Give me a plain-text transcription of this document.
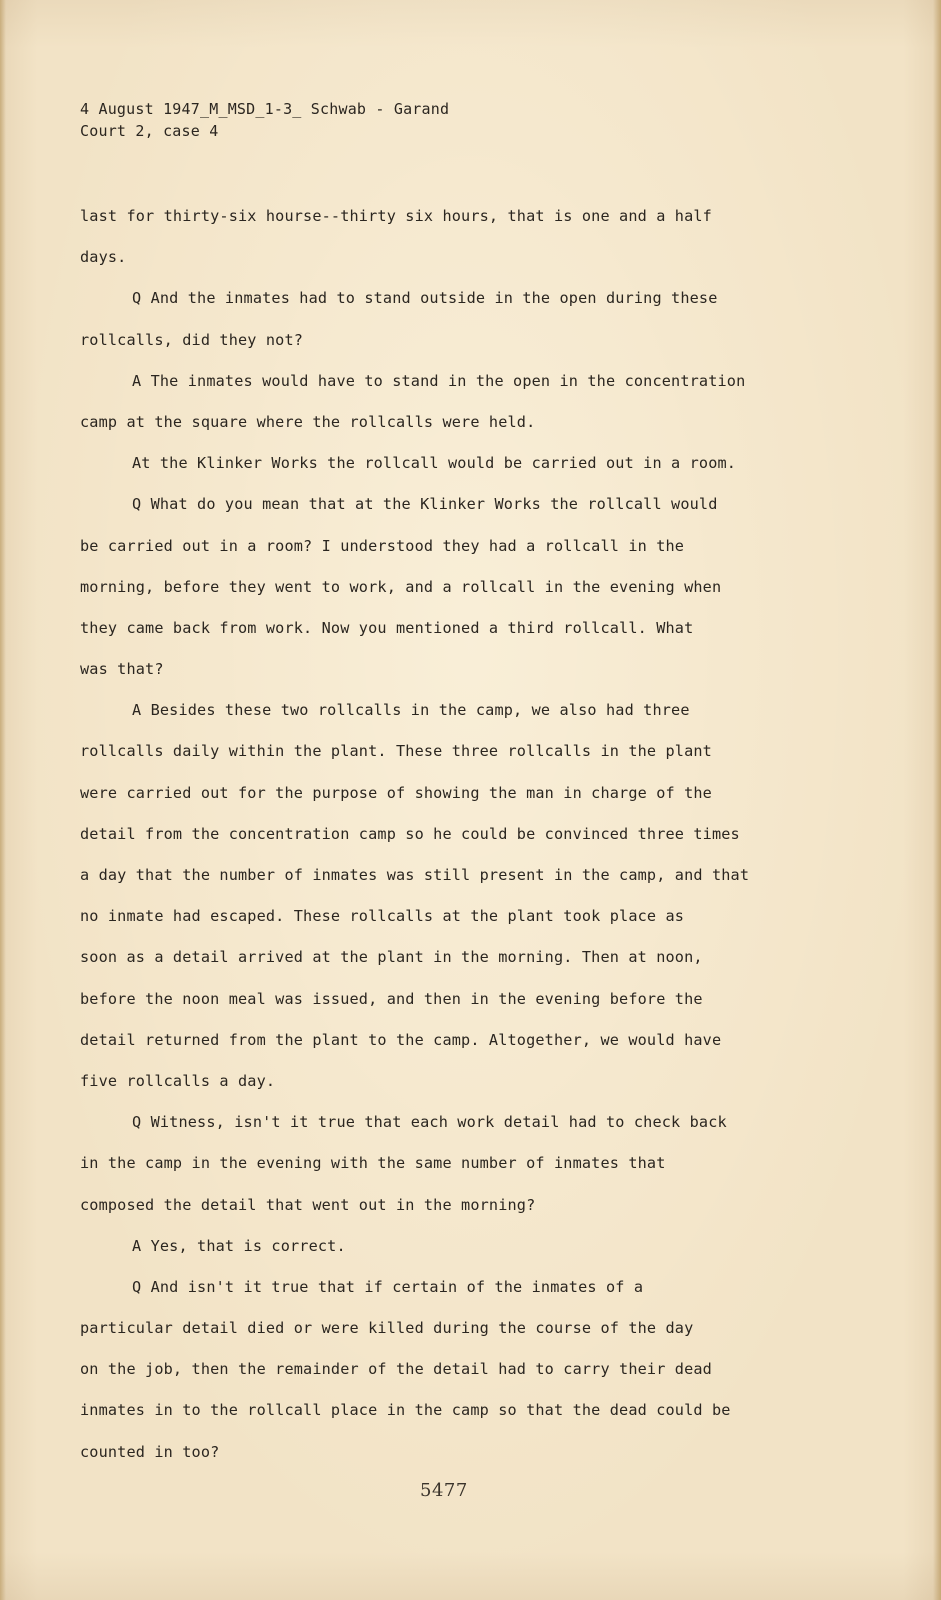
4 August 1947_M_MSD_1-3_ Schwab - Garand
Court 2, case 4
last for thirty-six hourse--thirty six hours, that is one and a half
days.
Q And the inmates had to stand outside in the open during these
rollcalls, did they not?
A The inmates would have to stand in the open in the concentration
camp at the square where the rollcalls were held.
At the Klinker Works the rollcall would be carried out in a room.
Q What do you mean that at the Klinker Works the rollcall would
be carried out in a room? I understood they had a rollcall in the
morning, before they went to work, and a rollcall in the evening when
they came back from work. Now you mentioned a third rollcall. What
was that?
A Besides these two rollcalls in the camp, we also had three
rollcalls daily within the plant. These three rollcalls in the plant
were carried out for the purpose of showing the man in charge of the
detail from the concentration camp so he could be convinced three times
a day that the number of inmates was still present in the camp, and that
no inmate had escaped. These rollcalls at the plant took place as
soon as a detail arrived at the plant in the morning. Then at noon,
before the noon meal was issued, and then in the evening before the
detail returned from the plant to the camp. Altogether, we would have
five rollcalls a day.
Q Witness, isn't it true that each work detail had to check back
in the camp in the evening with the same number of inmates that
composed the detail that went out in the morning?
A Yes, that is correct.
Q And isn't it true that if certain of the inmates of a
particular detail died or were killed during the course of the day
on the job, then the remainder of the detail had to carry their dead
inmates in to the rollcall place in the camp so that the dead could be
counted in too?
5477
